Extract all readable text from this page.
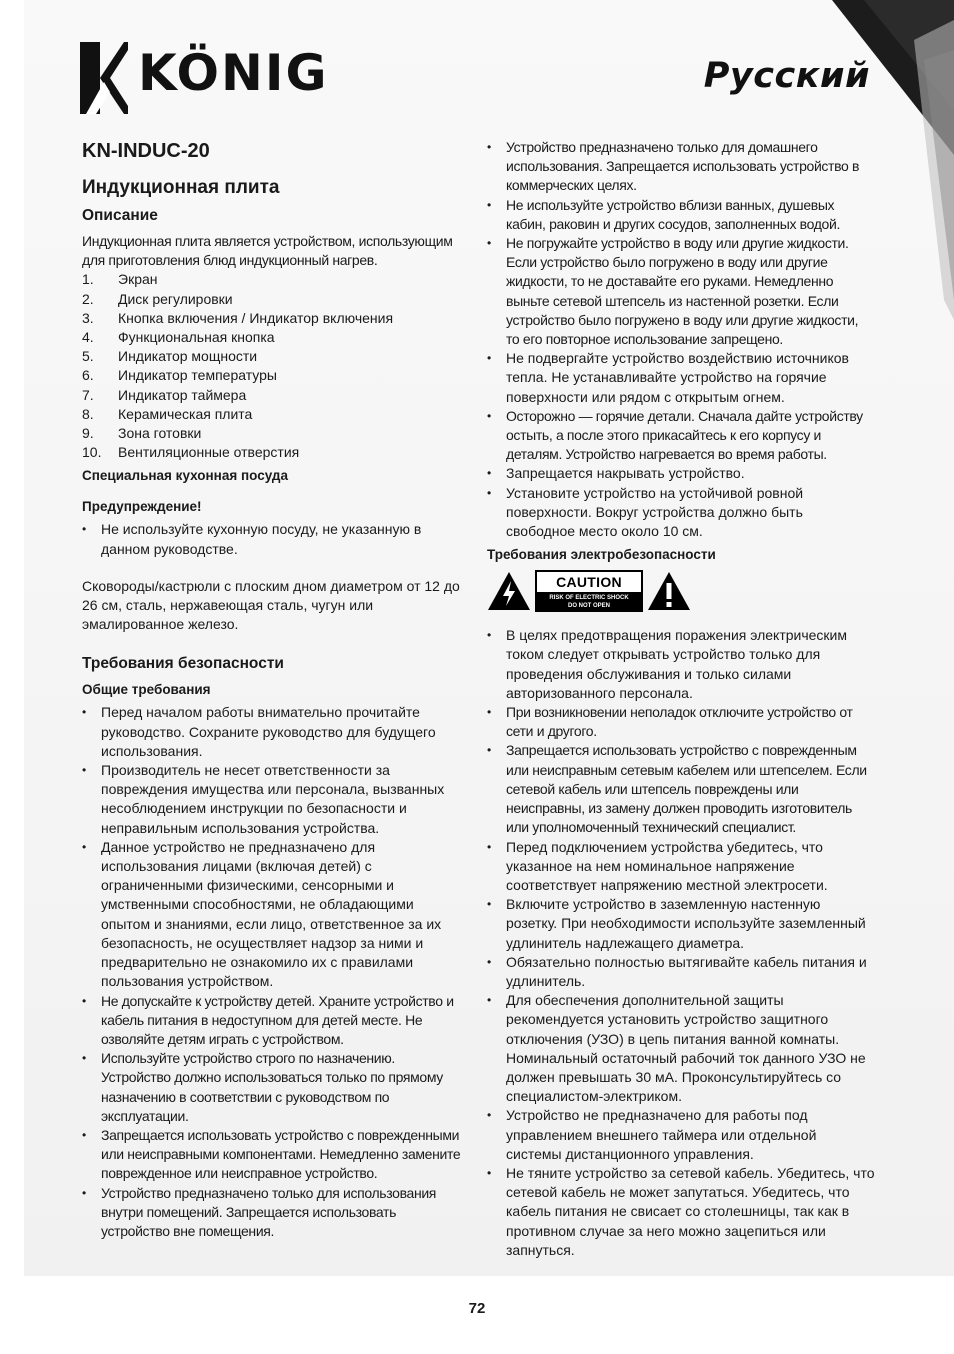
KÖNIG	Русский
KN-INDUC-20
Индукционная плита
Описание

Индукционная плита является устройством, использующим для приготовления блюд индукционный нагрев.

1.	Экран
2.	Диск регулировки
3.	Кнопка включения / Индикатор включения
4.	Функциональная кнопка
5.	Индикатор мощности
6.	Индикатор температуры
7.	Индикатор таймера
8.	Керамическая плита
9.	Зона готовки
10.	Вентиляционные отверстия
Специальная кухонная посуда
Предупреждение!
• Не используйте кухонную посуду, не указанную в данном руководстве.

Сковороды/кастрюли с плоским дном диаметром от 12 до 26 см, сталь, нержавеющая сталь, чугун или эмалированное железо.

Требования безопасности
Общие требования
• Перед началом работы внимательно прочитайте руководство. Сохраните руководство для будущего использования.
• Производитель не несет ответственности за повреждения имущества или персонала, вызванных несоблюдением инструкции по безопасности и неправильным использования устройства.
• Данное устройство не предназначено для использования лицами (включая детей) с ограниченными физическими, сенсорными и умственными способностями, не обладающими опытом и знаниями, если лицо, ответственное за их безопасность, не осуществляет надзор за ними и предварительно не ознакомило их с правилами пользования устройством.
• Не допускайте к устройству детей. Храните устройство и кабель питания в недоступном для детей месте. Не озволяйте детям играть с устройством.
• Используйте устройство строго по назначению. Устройство должно использоваться только по прямому назначению в соответствии с руководством по эксплуатации.
• Запрещается использовать устройство с поврежденными или неисправными компонентами. Немедленно замените поврежденное или неисправное устройство.
• Устройство предназначено только для использования внутри помещений. Запрещается использовать устройство вне помещения.
• Устройство предназначено только для домашнего использования. Запрещается использовать устройство в коммерческих целях.
• Не используйте устройство вблизи ванных, душевых кабин, раковин и других сосудов, заполненных водой.
• Не погружайте устройство в воду или другие жидкости. Если устройство было погружено в воду или другие жидкости, то не доставайте его руками. Немедленно выньте сетевой штепсель из настенной розетки. Если устройство было погружено в воду или другие жидкости, то его повторное использование запрещено.
• Не подвергайте устройство воздействию источников тепла. Не устанавливайте устройство на горячие поверхности или рядом с открытым огнем.
• Осторожно — горячие детали. Сначала дайте устройству остыть, а после этого прикасайтесь к его корпусу и деталям. Устройство нагревается во время работы.
• Запрещается накрывать устройство.
• Установите устройство на устойчивой ровной поверхности. Вокруг устройства должно быть свободное место около 10 см.
Требования электробезопасности
CAUTION
RISK OF ELECTRIC SHOCK
DO NOT OPEN
• В целях предотвращения поражения электрическим током следует открывать устройство только для проведения обслуживания и только силами авторизованного персонала.
• При возникновении неполадок отключите устройство от сети и другого.
• Запрещается использовать устройство с поврежденным или неисправным сетевым кабелем или штепселем. Если сетевой кабель или штепсель повреждены или неисправны, из замену должен проводить изготовитель или уполномоченный технический специалист.
• Перед подключением устройства убедитесь, что указанное на нем номинальное напряжение соответствует напряжению местной электросети.
• Включите устройство в заземленную настенную розетку. При необходимости используйте заземленный удлинитель надлежащего диаметра.
• Обязательно полностью вытягивайте кабель питания и удлинитель.
• Для обеспечения дополнительной защиты рекомендуется установить устройство защитного отключения (УЗО) в цепь питания ванной комнаты. Номинальный остаточный рабочий ток данного УЗО не должен превышать 30 мА. Проконсультируйтесь со специалистом-электриком.
• Устройство не предназначено для работы под управлением внешнего таймера или отдельной системы дистанционного управления.
• Не тяните устройство за сетевой кабель. Убедитесь, что сетевой кабель не может запутаться. Убедитесь, что кабель питания не свисает со столешницы, так как в противном случае за него можно зацепиться или запнуться.
72
